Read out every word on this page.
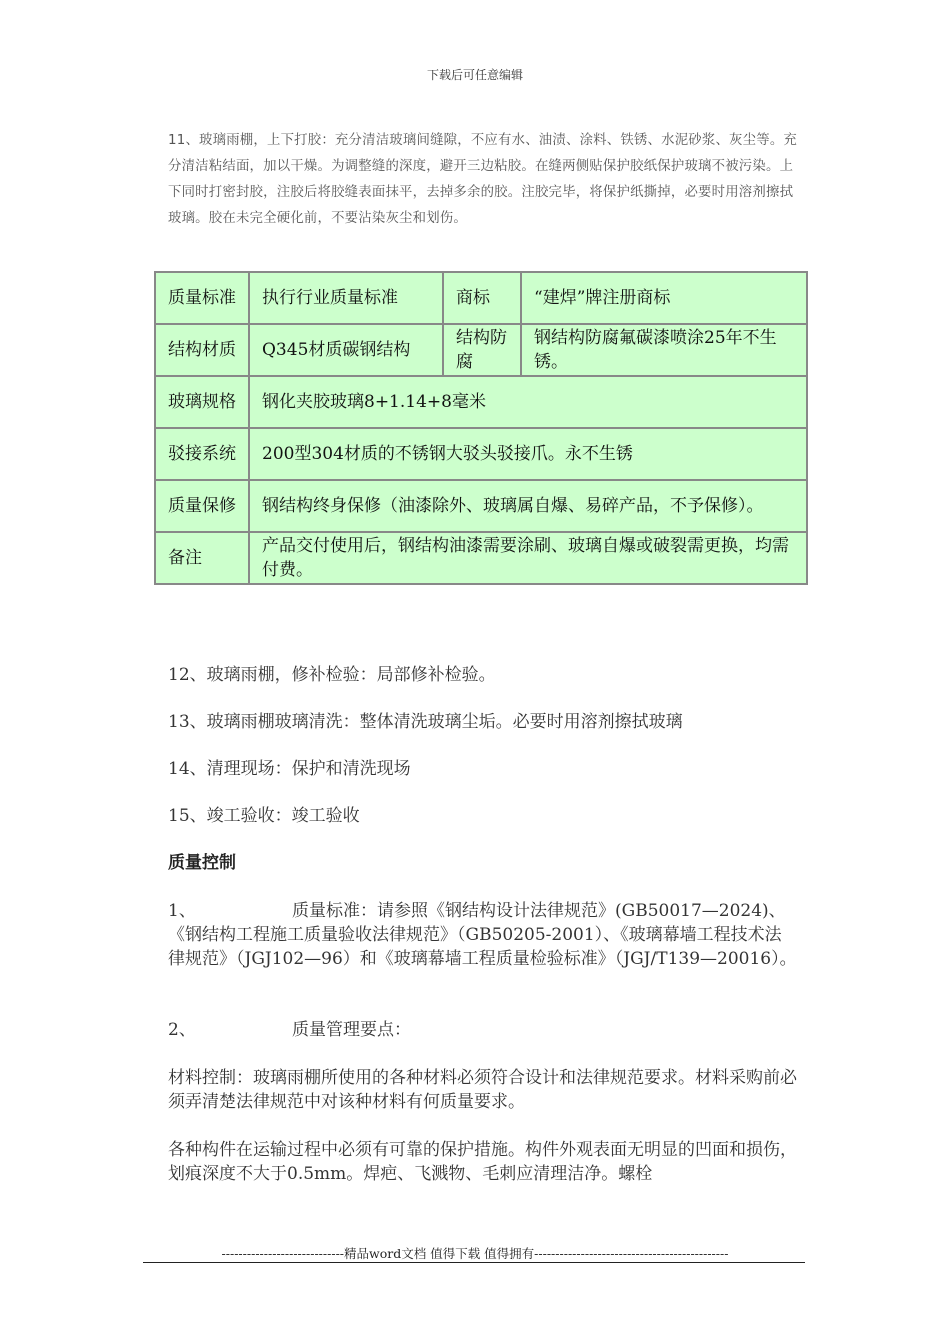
下载后可任意编辑
11、玻璃雨棚，上下打胶：充分清洁玻璃间缝隙，不应有水、油渍、涂料、铁锈、水泥砂浆、灰尘等。充分清洁粘结面，加以干燥。为调整缝的深度，避开三边粘胶。在缝两侧贴保护胶纸保护玻璃不被污染。上下同时打密封胶，注胶后将胶缝表面抹平，去掉多余的胶。注胶完毕，将保护纸撕掉，必要时用溶剂擦拭玻璃。胶在未完全硬化前，不要沾染灰尘和划伤。
质量标准	执行行业质量标准	商标	“建焊”牌注册商标
结构材质	Q345材质碳钢结构	结构防腐	钢结构防腐氟碳漆喷涂25年不生锈。
玻璃规格	钢化夹胶玻璃8+1.14+8毫米		
驳接系统	200型304材质的不锈钢大驳头驳接爪。永不生锈		
质量保修	钢结构终身保修（油漆除外、玻璃属自爆、易碎产品，不予保修）。		
备注	产品交付使用后，钢结构油漆需要涂刷、玻璃自爆或破裂需更换，均需付费。		
12、玻璃雨棚，修补检验：局部修补检验。
13、玻璃雨棚玻璃清洗：整体清洗玻璃尘垢。必要时用溶剂擦拭玻璃
14、清理现场：保护和清洗现场
15、竣工验收：竣工验收
质量控制
1、	质量标准：请参照《钢结构设计法律规范》(GB50017—2024)、《钢结构工程施工质量验收法律规范》（GB50205-2001）、《玻璃幕墙工程技术法律规范》（JGJ102—96）和《玻璃幕墙工程质量检验标准》（JGJ/T139—20016）。
2、	质量管理要点：
材料控制：玻璃雨棚所使用的各种材料必须符合设计和法律规范要求。材料采购前必须弄清楚法律规范中对该种材料有何质量要求。
各种构件在运输过程中必须有可靠的保护措施。构件外观表面无明显的凹面和损伤，划痕深度不大于0.5mm。焊疤、飞溅物、毛刺应清理洁净。螺栓
-----------------------------精品word文档 值得下载 值得拥有----------------------------------------------
